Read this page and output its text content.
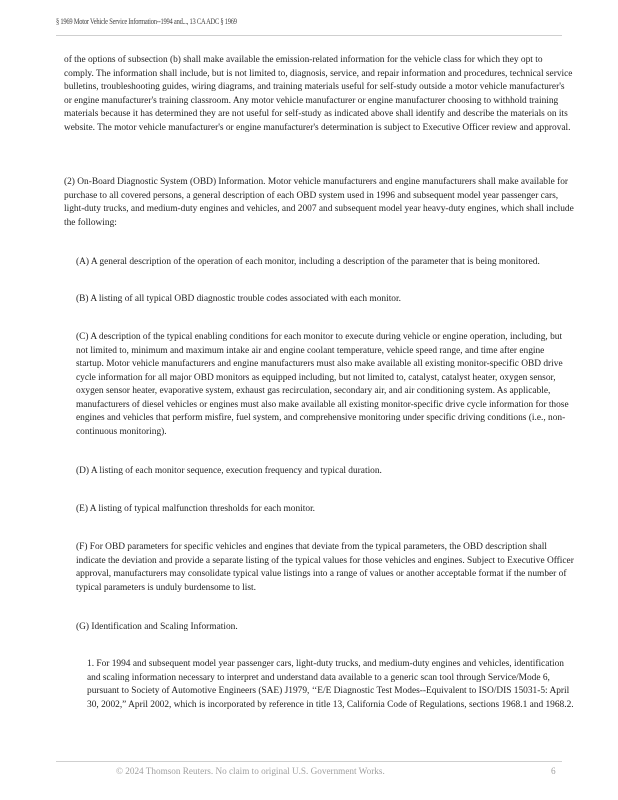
§ 1969 Motor Vehicle Service Information--1994 and..., 13 CA ADC § 1969

of the options of subsection (b) shall make available the emission-related information for the vehicle class for which they opt to comply. The information shall include, but is not limited to, diagnosis, service, and repair information and procedures, technical service bulletins, troubleshooting guides, wiring diagrams, and training materials useful for self-study outside a motor vehicle manufacturer's or engine manufacturer's training classroom. Any motor vehicle manufacturer or engine manufacturer choosing to withhold training materials because it has determined they are not useful for self-study as indicated above shall identify and describe the materials on its website. The motor vehicle manufacturer's or engine manufacturer's determination is subject to Executive Officer review and approval.

(2) On-Board Diagnostic System (OBD) Information. Motor vehicle manufacturers and engine manufacturers shall make available for purchase to all covered persons, a general description of each OBD system used in 1996 and subsequent model year passenger cars, light-duty trucks, and medium-duty engines and vehicles, and 2007 and subsequent model year heavy-duty engines, which shall include the following:

(A) A general description of the operation of each monitor, including a description of the parameter that is being monitored.

(B) A listing of all typical OBD diagnostic trouble codes associated with each monitor.

(C) A description of the typical enabling conditions for each monitor to execute during vehicle or engine operation, including, but not limited to, minimum and maximum intake air and engine coolant temperature, vehicle speed range, and time after engine startup. Motor vehicle manufacturers and engine manufacturers must also make available all existing monitor-specific OBD drive cycle information for all major OBD monitors as equipped including, but not limited to, catalyst, catalyst heater, oxygen sensor, oxygen sensor heater, evaporative system, exhaust gas recirculation, secondary air, and air conditioning system. As applicable, manufacturers of diesel vehicles or engines must also make available all existing monitor-specific drive cycle information for those engines and vehicles that perform misfire, fuel system, and comprehensive monitoring under specific driving conditions (i.e., non-continuous monitoring).

(D) A listing of each monitor sequence, execution frequency and typical duration.

(E) A listing of typical malfunction thresholds for each monitor.

(F) For OBD parameters for specific vehicles and engines that deviate from the typical parameters, the OBD description shall indicate the deviation and provide a separate listing of the typical values for those vehicles and engines. Subject to Executive Officer approval, manufacturers may consolidate typical value listings into a range of values or another acceptable format if the number of typical parameters is unduly burdensome to list.

(G) Identification and Scaling Information.

1. For 1994 and subsequent model year passenger cars, light-duty trucks, and medium-duty engines and vehicles, identification and scaling information necessary to interpret and understand data available to a generic scan tool through Service/Mode 6, pursuant to Society of Automotive Engineers (SAE) J1979, ‘‘E/E Diagnostic Test Modes--Equivalent to ISO/DIS 15031-5: April 30, 2002,” April 2002, which is incorporated by reference in title 13, California Code of Regulations, sections 1968.1 and 1968.2.

© 2024 Thomson Reuters. No claim to original U.S. Government Works.	6
